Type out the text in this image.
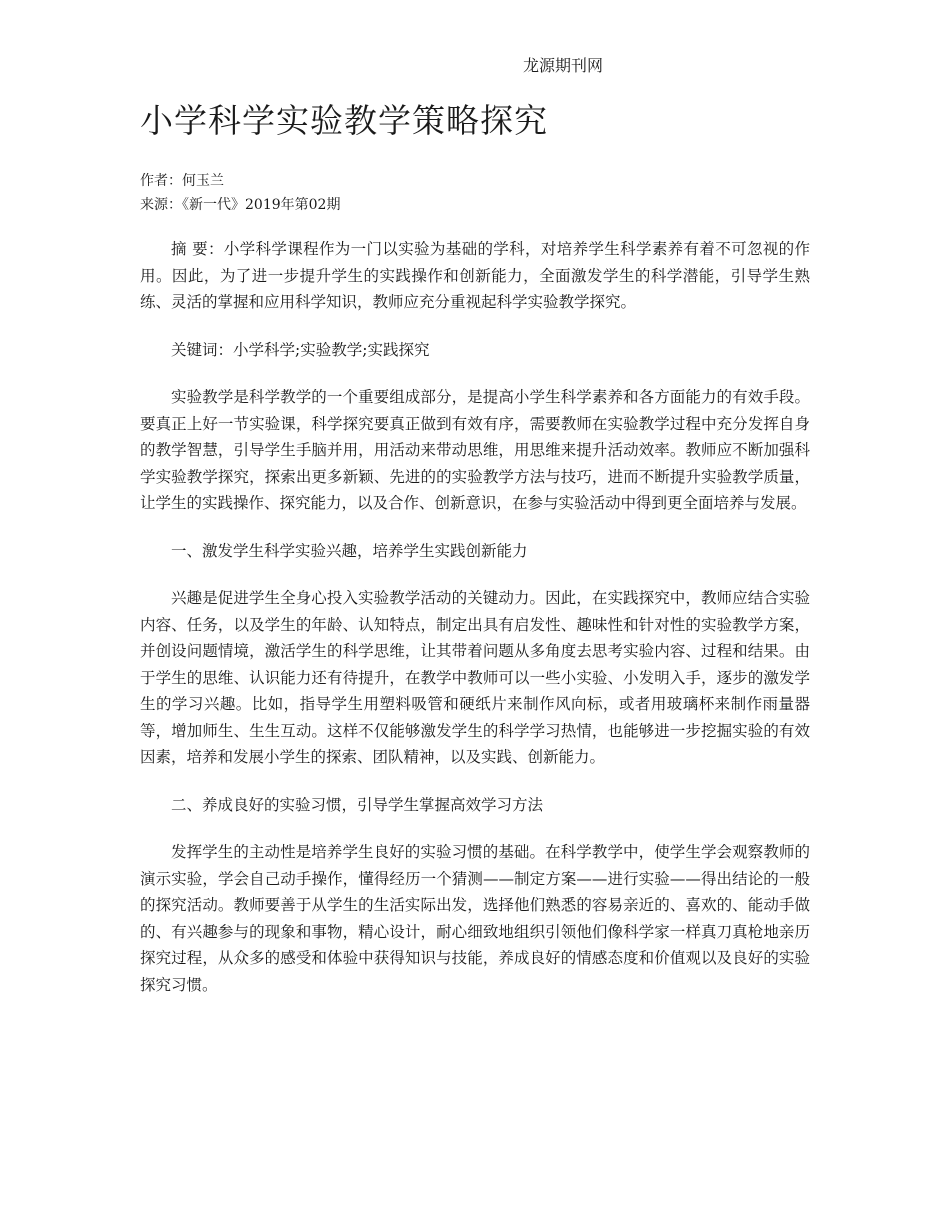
龙源期刊网
小学科学实验教学策略探究
作者：何玉兰
来源：《新一代》2019年第02期

摘 要：小学科学课程作为一门以实验为基础的学科，对培养学生科学素养有着不可忽视的作用。因此，为了进一步提升学生的实践操作和创新能力，全面激发学生的科学潜能，引导学生熟练、灵活的掌握和应用科学知识，教师应充分重视起科学实验教学探究。

关键词：小学科学;实验教学;实践探究

实验教学是科学教学的一个重要组成部分，是提高小学生科学素养和各方面能力的有效手段。要真正上好一节实验课，科学探究要真正做到有效有序，需要教师在实验教学过程中充分发挥自身的教学智慧，引导学生手脑并用，用活动来带动思维，用思维来提升活动效率。教师应不断加强科学实验教学探究，探索出更多新颖、先进的的实验教学方法与技巧，进而不断提升实验教学质量，让学生的实践操作、探究能力，以及合作、创新意识，在参与实验活动中得到更全面培养与发展。

一、激发学生科学实验兴趣，培养学生实践创新能力

兴趣是促进学生全身心投入实验教学活动的关键动力。因此，在实践探究中，教师应结合实验内容、任务，以及学生的年龄、认知特点，制定出具有启发性、趣味性和针对性的实验教学方案，并创设问题情境，激活学生的科学思维，让其带着问题从多角度去思考实验内容、过程和结果。由于学生的思维、认识能力还有待提升，在教学中教师可以一些小实验、小发明入手，逐步的激发学生的学习兴趣。比如，指导学生用塑料吸管和硬纸片来制作风向标，或者用玻璃杯来制作雨量器等，增加师生、生生互动。这样不仅能够激发学生的科学学习热情，也能够进一步挖掘实验的有效因素，培养和发展小学生的探索、团队精神，以及实践、创新能力。

二、养成良好的实验习惯，引导学生掌握高效学习方法

发挥学生的主动性是培养学生良好的实验习惯的基础。在科学教学中，使学生学会观察教师的演示实验，学会自己动手操作，懂得经历一个猜测——制定方案——进行实验——得出结论的一般的探究活动。教师要善于从学生的生活实际出发，选择他们熟悉的容易亲近的、喜欢的、能动手做的、有兴趣参与的现象和事物，精心设计，耐心细致地组织引领他们像科学家一样真刀真枪地亲历探究过程，从众多的感受和体验中获得知识与技能，养成良好的情感态度和价值观以及良好的实验探究习惯。
